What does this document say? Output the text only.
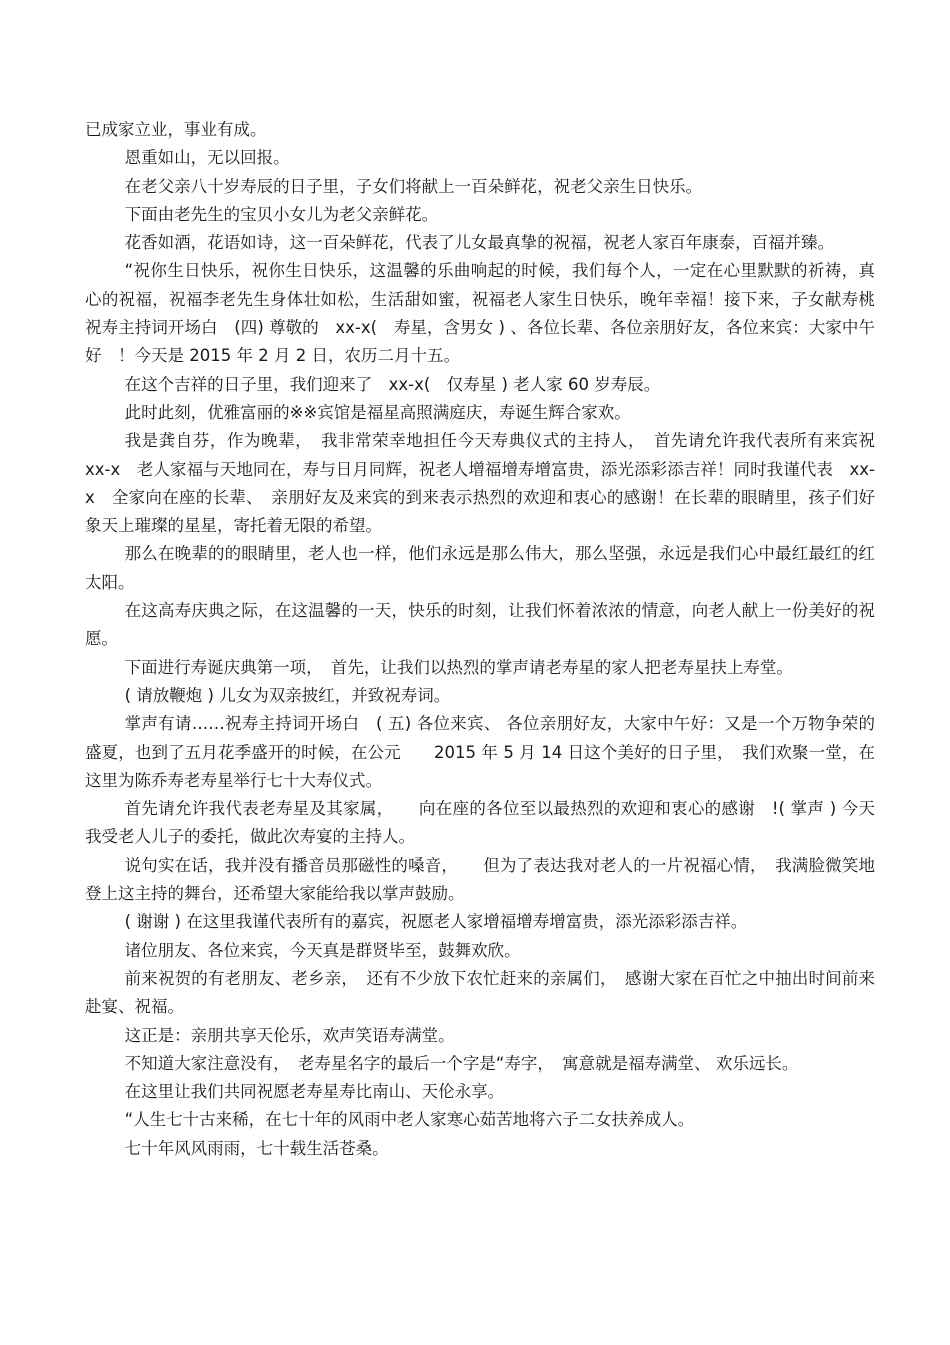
已成家立业，事业有成。

恩重如山，无以回报。

在老父亲八十岁寿辰的日子里，子女们将献上一百朵鲜花，祝老父亲生日快乐。

下面由老先生的宝贝小女儿为老父亲鲜花。

花香如酒，花语如诗，这一百朵鲜花，代表了儿女最真挚的祝福，祝老人家百年康泰，百福并臻。

“祝你生日快乐，祝你生日快乐，这温馨的乐曲响起的时候，我们每个人，一定在心里默默的祈祷，真心的祝福，祝福李老先生身体壮如松，生活甜如蜜，祝福老人家生日快乐，晚年幸福！接下来，子女献寿桃祝寿主持词开场白　(四) 尊敬的　xx-x(　寿星，含男女 ) 、各位长辈、各位亲朋好友，各位来宾：大家中午好　！今天是 2015 年 2 月 2 日，农历二月十五。

在这个吉祥的日子里，我们迎来了　xx-x(　仅寿星 ) 老人家 60 岁寿辰。

此时此刻，优雅富丽的※※宾馆是福星高照满庭庆，寿诞生辉合家欢。

我是龚自芬，作为晚辈，　我非常荣幸地担任今天寿典仪式的主持人，　首先请允许我代表所有来宾祝　xx-x　老人家福与天地同在，寿与日月同辉，祝老人增福增寿增富贵，添光添彩添吉祥！同时我谨代表　xx-x　全家向在座的长辈、　亲朋好友及来宾的到来表示热烈的欢迎和衷心的感谢！在长辈的眼睛里，孩子们好象天上璀璨的星星，寄托着无限的希望。

那么在晚辈的的眼睛里，老人也一样，他们永远是那么伟大，那么坚强，永远是我们心中最红最红的红太阳。

在这高寿庆典之际，在这温馨的一天，快乐的时刻，让我们怀着浓浓的情意，向老人献上一份美好的祝愿。

下面进行寿诞庆典第一项，　首先，让我们以热烈的掌声请老寿星的家人把老寿星扶上寿堂。

( 请放鞭炮 ) 儿女为双亲披红，并致祝寿词。

掌声有请……祝寿主持词开场白　( 五) 各位来宾、 各位亲朋好友，大家中午好：又是一个万物争荣的盛夏，也到了五月花季盛开的时候，在公元　　2015 年 5 月 14 日这个美好的日子里，　我们欢聚一堂，在这里为陈乔寿老寿星举行七十大寿仪式。

首先请允许我代表老寿星及其家属，　　向在座的各位至以最热烈的欢迎和衷心的感谢　!( 掌声 ) 今天我受老人儿子的委托，做此次寿宴的主持人。

说句实在话，我并没有播音员那磁性的嗓音，　　但为了表达我对老人的一片祝福心情，　我满脸微笑地登上这主持的舞台，还希望大家能给我以掌声鼓励。

( 谢谢 ) 在这里我谨代表所有的嘉宾，祝愿老人家增福增寿增富贵，添光添彩添吉祥。

诸位朋友、各位来宾，今天真是群贤毕至，鼓舞欢欣。

前来祝贺的有老朋友、老乡亲，　还有不少放下农忙赶来的亲属们，　感谢大家在百忙之中抽出时间前来赴宴、祝福。

这正是：亲朋共享天伦乐，欢声笑语寿满堂。

不知道大家注意没有，　老寿星名字的最后一个字是“寿字，　寓意就是福寿满堂、 欢乐远长。

在这里让我们共同祝愿老寿星寿比南山、天伦永享。

“人生七十古来稀，在七十年的风雨中老人家寒心茹苦地将六子二女扶养成人。

七十年风风雨雨，七十载生活苍桑。
